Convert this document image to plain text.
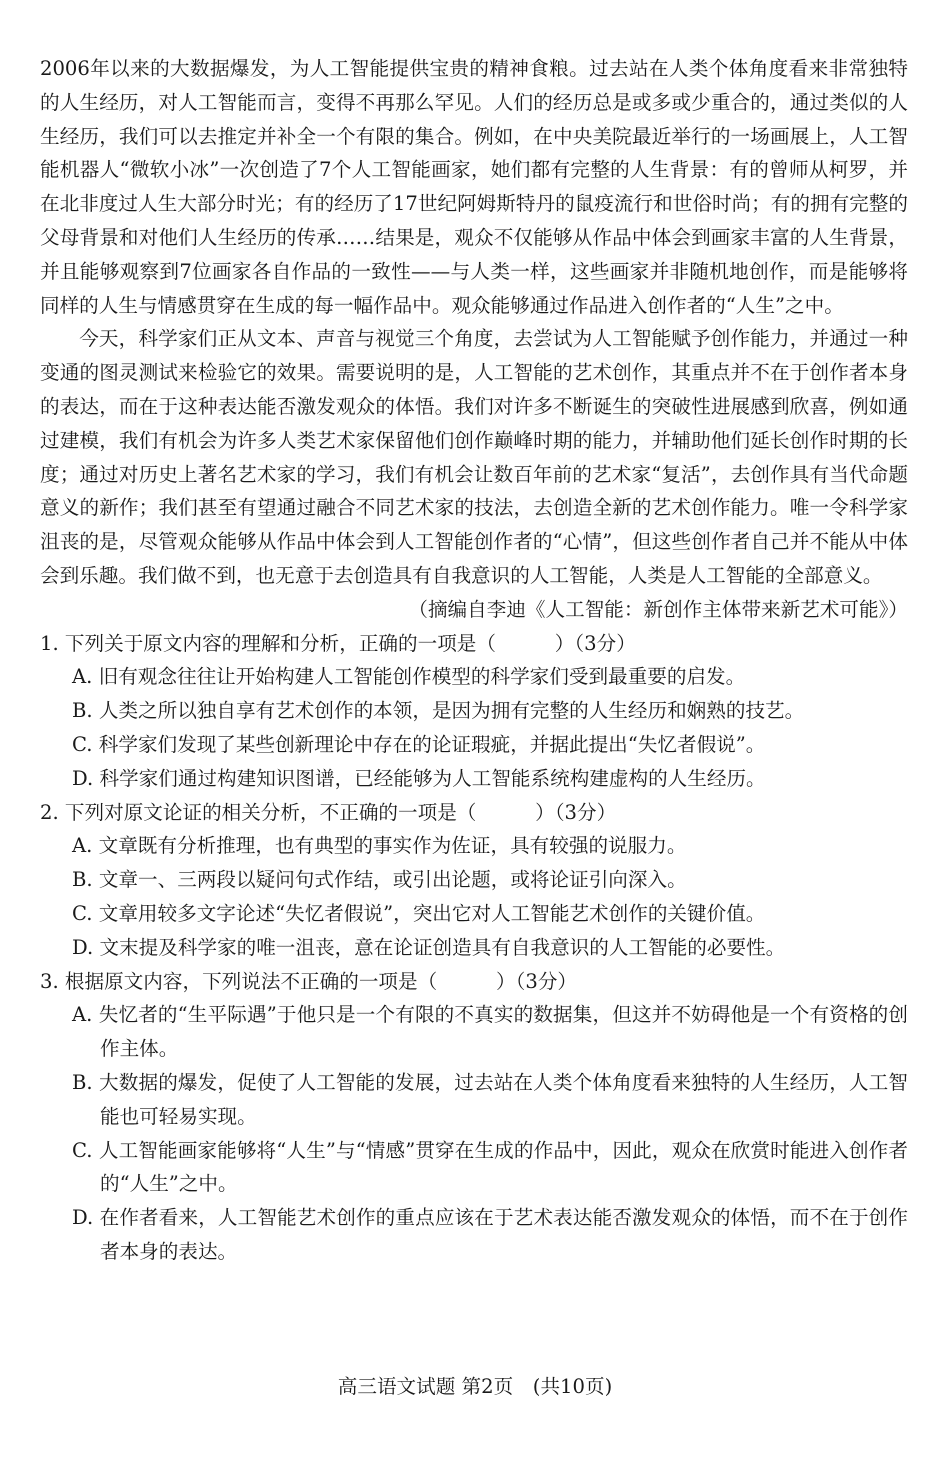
2006年以来的大数据爆发，为人工智能提供宝贵的精神食粮。过去站在人类个体角度看来非常独特的人生经历，对人工智能而言，变得不再那么罕见。人们的经历总是或多或少重合的，通过类似的人生经历，我们可以去推定并补全一个有限的集合。例如，在中央美院最近举行的一场画展上，人工智能机器人“微软小冰”一次创造了7个人工智能画家，她们都有完整的人生背景：有的曾师从柯罗，并在北非度过人生大部分时光；有的经历了17世纪阿姆斯特丹的鼠疫流行和世俗时尚；有的拥有完整的父母背景和对他们人生经历的传承……结果是，观众不仅能够从作品中体会到画家丰富的人生背景，并且能够观察到7位画家各自作品的一致性——与人类一样，这些画家并非随机地创作，而是能够将同样的人生与情感贯穿在生成的每一幅作品中。观众能够通过作品进入创作者的“人生”之中。

今天，科学家们正从文本、声音与视觉三个角度，去尝试为人工智能赋予创作能力，并通过一种变通的图灵测试来检验它的效果。需要说明的是，人工智能的艺术创作，其重点并不在于创作者本身的表达，而在于这种表达能否激发观众的体悟。我们对许多不断诞生的突破性进展感到欣喜，例如通过建模，我们有机会为许多人类艺术家保留他们创作巅峰时期的能力，并辅助他们延长创作时期的长度；通过对历史上著名艺术家的学习，我们有机会让数百年前的艺术家“复活”，去创作具有当代命题意义的新作；我们甚至有望通过融合不同艺术家的技法，去创造全新的艺术创作能力。唯一令科学家沮丧的是，尽管观众能够从作品中体会到人工智能创作者的“心情”，但这些创作者自己并不能从中体会到乐趣。我们做不到，也无意于去创造具有自我意识的人工智能，人类是人工智能的全部意义。

（摘编自李迪《人工智能：新创作主体带来新艺术可能》）

1. 下列关于原文内容的理解和分析，正确的一项是（　　　）（3分）

A. 旧有观念往往让开始构建人工智能创作模型的科学家们受到最重要的启发。

B. 人类之所以独自享有艺术创作的本领，是因为拥有完整的人生经历和娴熟的技艺。

C. 科学家们发现了某些创新理论中存在的论证瑕疵，并据此提出“失忆者假说”。

D. 科学家们通过构建知识图谱，已经能够为人工智能系统构建虚构的人生经历。

2. 下列对原文论证的相关分析，不正确的一项是（　　　）（3分）

A. 文章既有分析推理，也有典型的事实作为佐证，具有较强的说服力。

B. 文章一、三两段以疑问句式作结，或引出论题，或将论证引向深入。

C. 文章用较多文字论述“失忆者假说”，突出它对人工智能艺术创作的关键价值。

D. 文末提及科学家的唯一沮丧，意在论证创造具有自我意识的人工智能的必要性。

3. 根据原文内容，下列说法不正确的一项是（　　　）（3分）

A. 失忆者的“生平际遇”于他只是一个有限的不真实的数据集，但这并不妨碍他是一个有资格的创作主体。

B. 大数据的爆发，促使了人工智能的发展，过去站在人类个体角度看来独特的人生经历，人工智能也可轻易实现。

C. 人工智能画家能够将“人生”与“情感”贯穿在生成的作品中，因此，观众在欣赏时能进入创作者的“人生”之中。

D. 在作者看来，人工智能艺术创作的重点应该在于艺术表达能否激发观众的体悟，而不在于创作者本身的表达。

高三语文试题 第2页　(共10页)
